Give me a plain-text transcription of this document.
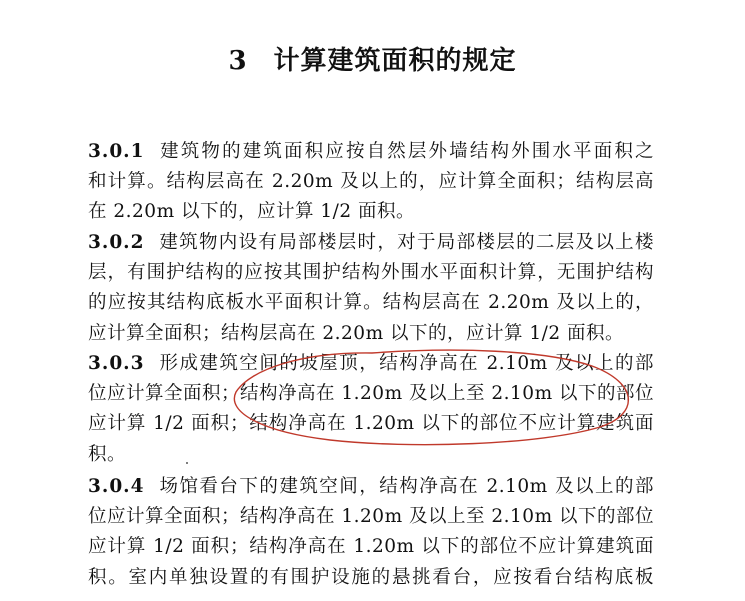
3 计算建筑面积的规定
3.0.1 建筑物的建筑面积应按自然层外墙结构外围水平面积之
和计算。结构层高在 2.20m 及以上的，应计算全面积；结构层高
在 2.20m 以下的，应计算 1/2 面积。
3.0.2 建筑物内设有局部楼层时，对于局部楼层的二层及以上楼
层，有围护结构的应按其围护结构外围水平面积计算，无围护结构
的应按其结构底板水平面积计算。结构层高在 2.20m 及以上的，
应计算全面积；结构层高在 2.20m 以下的，应计算 1/2 面积。
3.0.3 形成建筑空间的坡屋顶，结构净高在 2.10m 及以上的部
位应计算全面积；结构净高在 1.20m 及以上至 2.10m 以下的部位
应计算 1/2 面积；结构净高在 1.20m 以下的部位不应计算建筑面
积。
3.0.4 场馆看台下的建筑空间，结构净高在 2.10m 及以上的部
位应计算全面积；结构净高在 1.20m 及以上至 2.10m 以下的部位
应计算 1/2 面积；结构净高在 1.20m 以下的部位不应计算建筑面
积。室内单独设置的有围护设施的悬挑看台，应按看台结构底板
